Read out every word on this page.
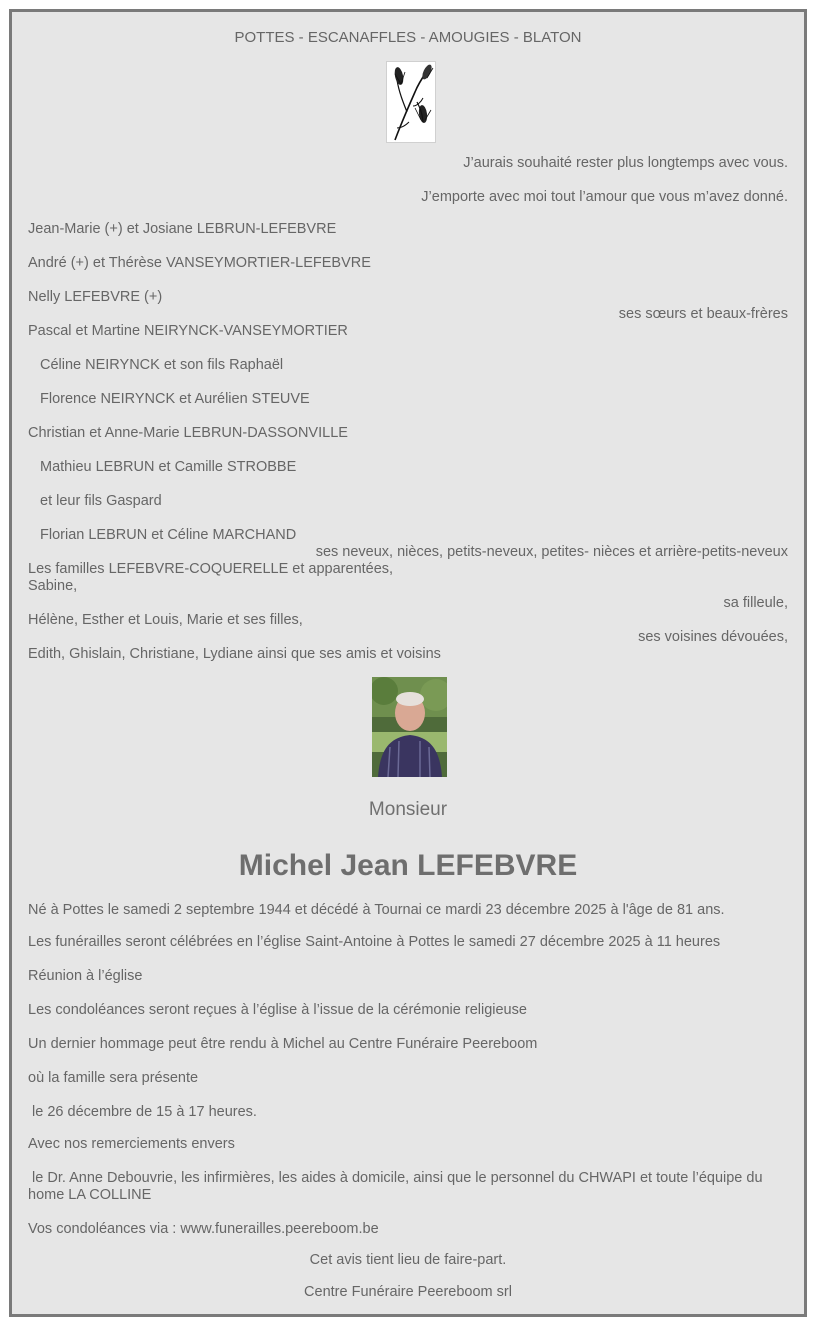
POTTES - ESCANAFFLES - AMOUGIES - BLATON
J’aurais souhaité rester plus longtemps avec vous.
J’emporte avec moi tout l’amour que vous m’avez donné.
Jean-Marie (+) et Josiane LEBRUN-LEFEBVRE
André (+) et Thérèse VANSEYMORTIER-LEFEBVRE
Nelly LEFEBVRE (+)
ses sœurs et beaux-frères
Pascal et Martine NEIRYNCK-VANSEYMORTIER
Céline NEIRYNCK et son fils Raphaël
Florence NEIRYNCK et Aurélien STEUVE
Christian et Anne-Marie LEBRUN-DASSONVILLE
Mathieu LEBRUN et Camille STROBBE
et leur fils Gaspard
Florian LEBRUN et Céline MARCHAND
ses neveux, nièces, petits-neveux, petites- nièces et arrière-petits-neveux
Les familles LEFEBVRE-COQUERELLE et apparentées,
Sabine,
sa filleule,
Hélène, Esther et Louis, Marie et ses filles,
ses voisines dévouées,
Edith, Ghislain, Christiane, Lydiane ainsi que ses amis et voisins
Monsieur
Michel Jean LEFEBVRE
Né à Pottes le samedi 2 septembre 1944 et décédé à Tournai ce mardi 23 décembre 2025 à l'âge de 81 ans.
Les funérailles seront célébrées en l’église Saint-Antoine à Pottes le samedi 27 décembre 2025 à 11 heures
Réunion à l’église
Les condoléances seront reçues à l’église à l’issue de la cérémonie religieuse
Un dernier hommage peut être rendu à Michel au Centre Funéraire Peereboom
où la famille sera présente
le 26 décembre de 15 à 17 heures.
Avec nos remerciements envers
le Dr. Anne Debouvrie, les infirmières, les aides à domicile, ainsi que le personnel du CHWAPI et toute l’équipe du home LA COLLINE
Vos condoléances via : www.funerailles.peereboom.be
Cet avis tient lieu de faire-part.
Centre Funéraire Peereboom srl
